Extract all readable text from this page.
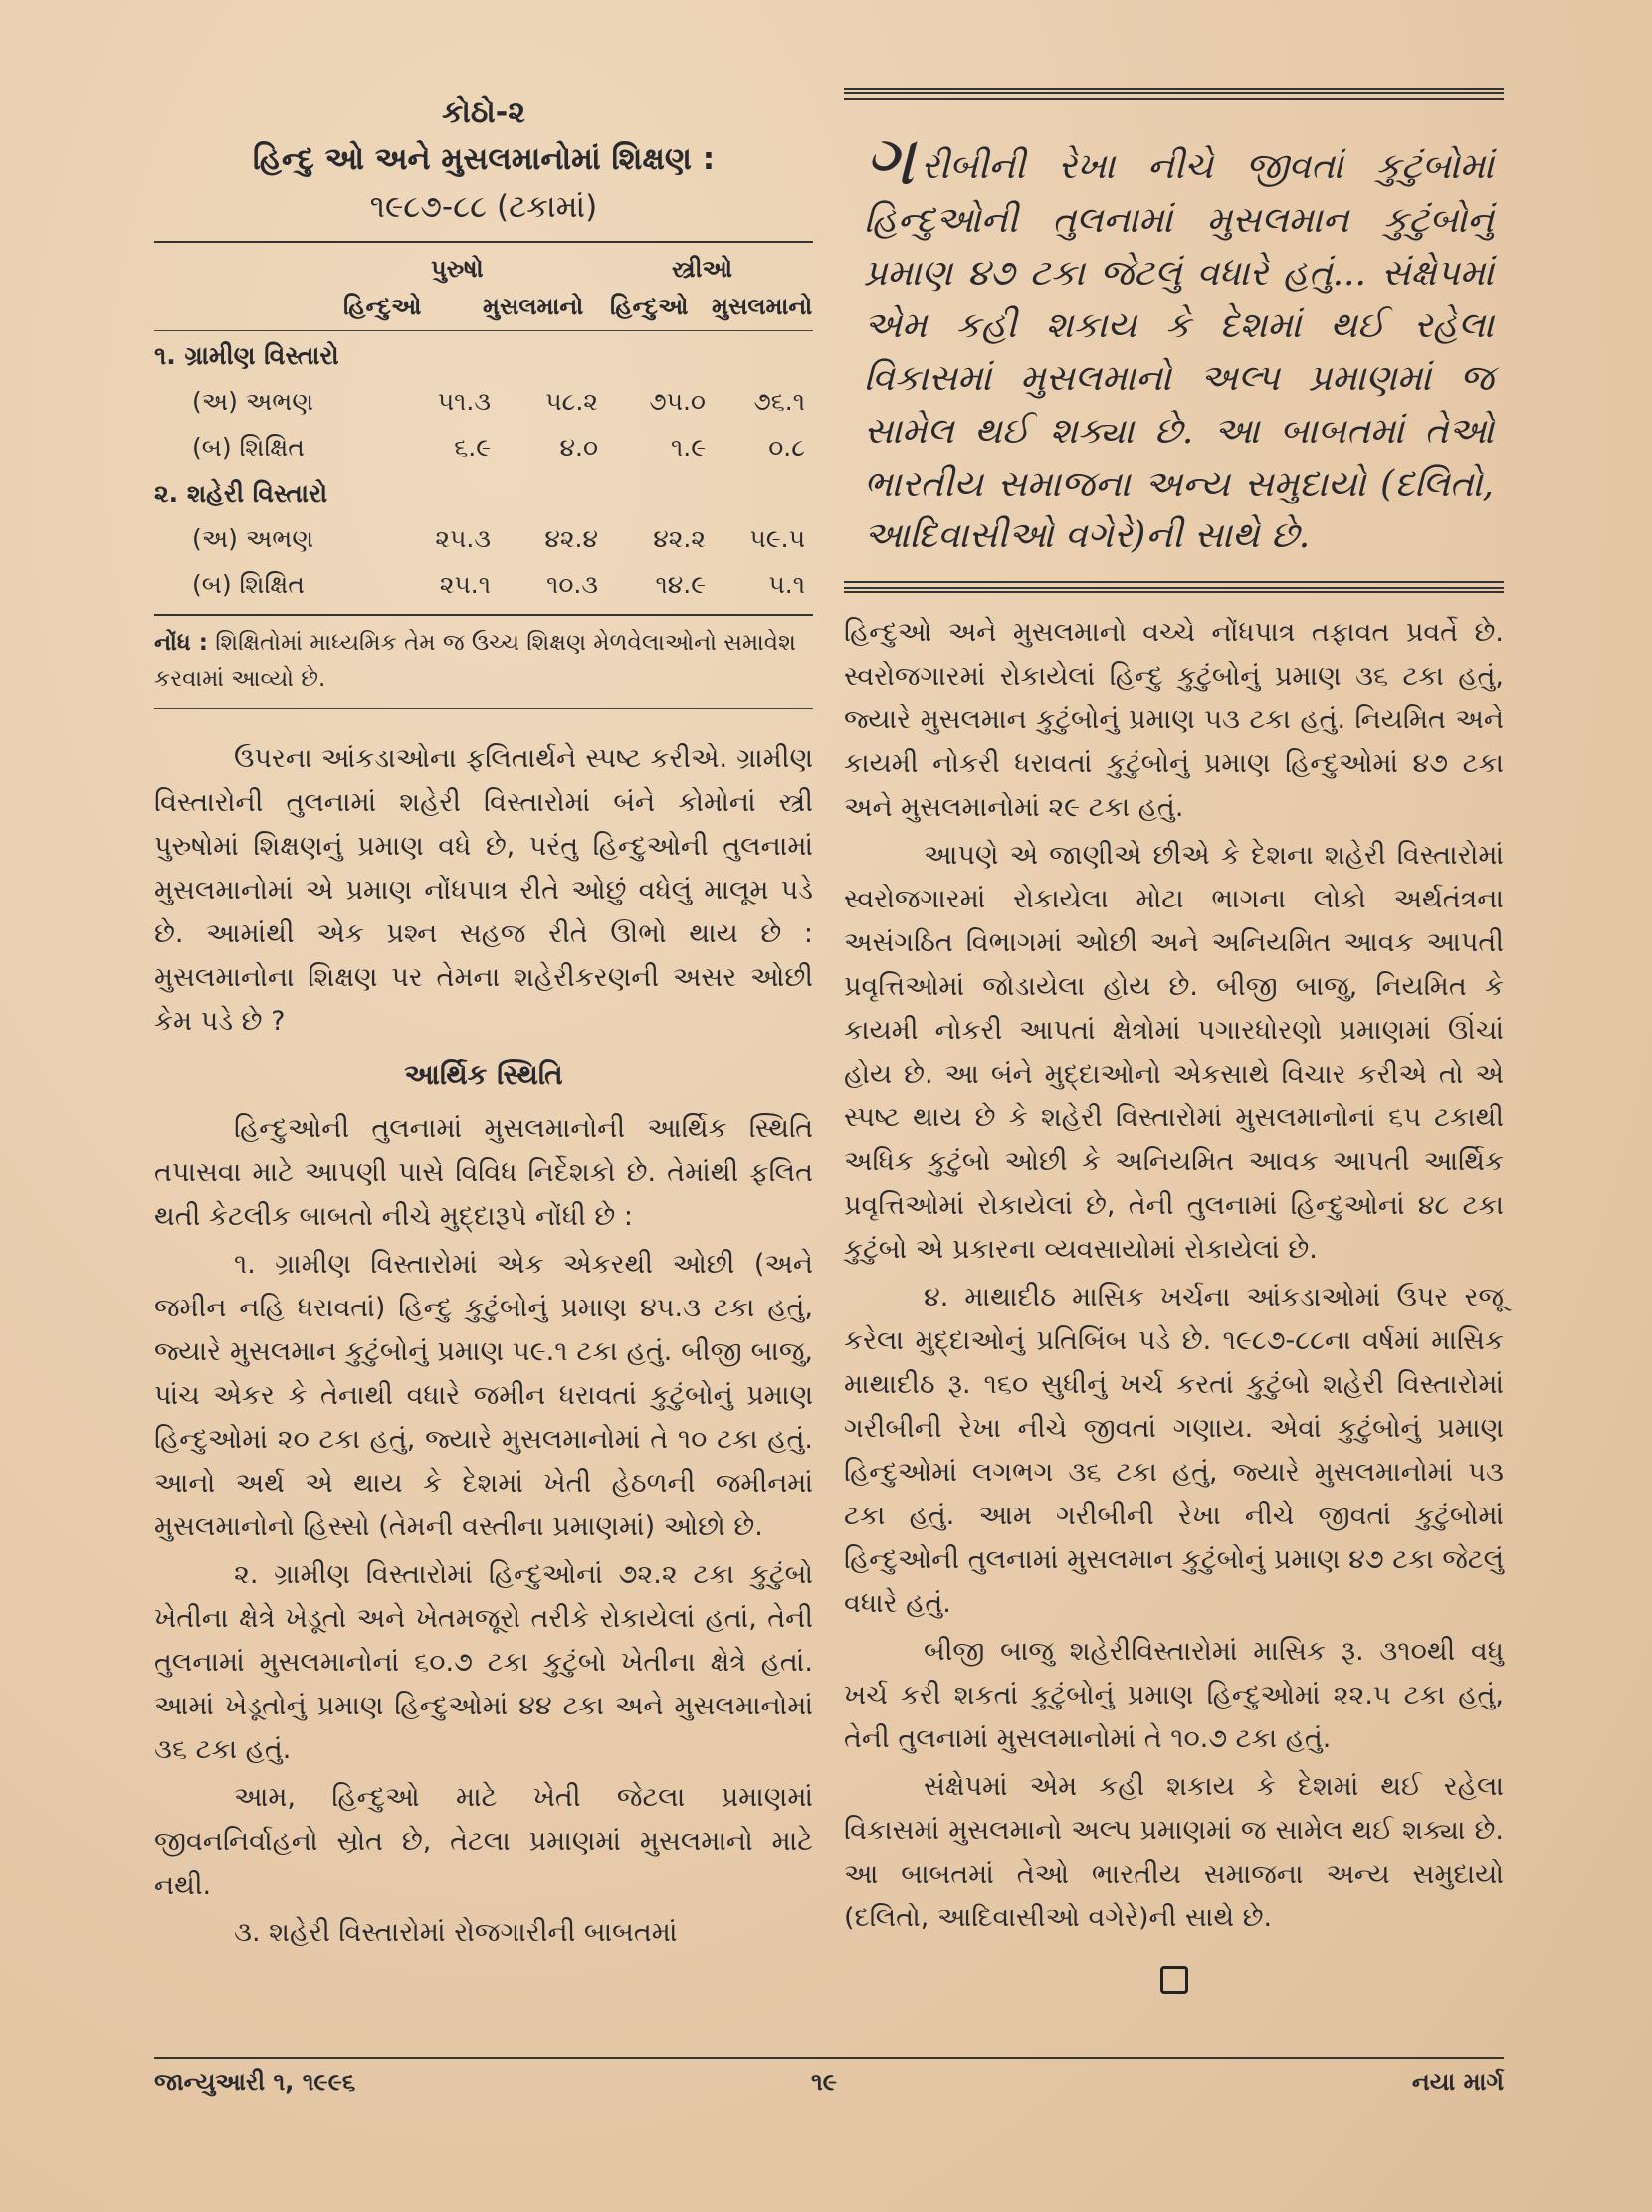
કોઠો-૨
હિન્દુ ઓ અને મુસલમાનોમાં શિક્ષણ :
૧૯૮૭-૮૮ (ટકામાં)
પુરુષો	સ્ત્રીઓ
હિન્દુઓ	મુસલમાનો હિન્દુઓ મુસલમાનો
૧. ગ્રામીણ વિસ્તારો
(અ) અભણ	૫૧.૩	૫૮.૨	૭૫.૦	૭૬.૧
(બ) શિક્ષિત	૬.૯	૪.૦	૧.૯	૦.૮
૨. શહેરી વિસ્તારો
(અ) અભણ	૨૫.૩	૪૨.૪	૪૨.૨	૫૯.૫
(બ) શિક્ષિત	૨૫.૧	૧૦.૩	૧૪.૯	૫.૧
નોંધ : શિક્ષિતોમાં માધ્યમિક તેમ જ ઉચ્ચ શિક્ષણ મેળવેલાઓનો સમાવેશ કરવામાં આવ્યો છે.

ઉપરના આંકડાઓના ફલિતાર્થને સ્પષ્ટ કરીએ. ગ્રામીણ વિસ્તારોની તુલનામાં શહેરી વિસ્તારોમાં બંને કોમોનાં સ્ત્રી પુરુષોમાં શિક્ષણનું પ્રમાણ વધે છે, પરંતુ હિન્દુઓની તુલનામાં મુસલમાનોમાં એ પ્રમાણ નોંધપાત્ર રીતે ઓછું વધેલું માલૂમ પડે છે. આમાંથી એક પ્રશ્ન સહજ રીતે ઊભો થાય છે : મુસલમાનોના શિક્ષણ પર તેમના શહેરીકરણની અસર ઓછી કેમ પડે છે ?

આર્થિક સ્થિતિ

હિન્દુઓની તુલનામાં મુસલમાનોની આર્થિક સ્થિતિ તપાસવા માટે આપણી પાસે વિવિધ નિર્દેશકો છે. તેમાંથી ફલિત થતી કેટલીક બાબતો નીચે મુદ્દારૂપે નોંધી છે :

૧. ગ્રામીણ વિસ્તારોમાં એક એકરથી ઓછી (અને જમીન નહિ ધરાવતાં) હિન્દુ કુટુંબોનું પ્રમાણ ૪૫.૩ ટકા હતું, જ્યારે મુસલમાન કુટુંબોનું પ્રમાણ ૫૯.૧ ટકા હતું. બીજી બાજુ, પાંચ એકર કે તેનાથી વધારે જમીન ધરાવતાં કુટુંબોનું પ્રમાણ હિન્દુઓમાં ૨૦ ટકા હતું, જ્યારે મુસલમાનોમાં તે ૧૦ ટકા હતું. આનો અર્થ એ થાય કે દેશમાં ખેતી હેઠળની જમીનમાં મુસલમાનોનો હિસ્સો (તેમની વસ્તીના પ્રમાણમાં) ઓછો છે.

૨. ગ્રામીણ વિસ્તારોમાં હિન્દુઓનાં ૭૨.૨ ટકા કુટુંબો ખેતીના ક્ષેત્રે ખેડૂતો અને ખેતમજૂરો તરીકે રોકાયેલાં હતાં, તેની તુલનામાં મુસલમાનોનાં ૬૦.૭ ટકા કુટુંબો ખેતીના ક્ષેત્રે હતાં. આમાં ખેડૂતોનું પ્રમાણ હિન્દુઓમાં ૪૪ ટકા અને મુસલમાનોમાં ૩૬ ટકા હતું.

આમ, હિન્દુઓ માટે ખેતી જેટલા પ્રમાણમાં જીવનનિર્વાહનો સ્રોત છે, તેટલા પ્રમાણમાં મુસલમાનો માટે નથી.

૩. શહેરી વિસ્તારોમાં રોજગારીની બાબતમાં

ગરીબીની રેખા નીચે જીવતાં કુટુંબોમાં હિન્દુઓની તુલનામાં મુસલમાન કુટુંબોનું પ્રમાણ ૪૭ ટકા જેટલું વધારે હતું... સંક્ષેપમાં એમ કહી શકાય કે દેશમાં થઈ રહેલા વિકાસમાં મુસલમાનો અલ્પ પ્રમાણમાં જ સામેલ થઈ શક્યા છે. આ બાબતમાં તેઓ ભારતીય સમાજના અન્ય સમુદાયો (દલિતો, આદિવાસીઓ વગેરે)ની સાથે છે.

હિન્દુઓ અને મુસલમાનો વચ્ચે નોંધપાત્ર તફાવત પ્રવર્તે છે. સ્વરોજગારમાં રોકાયેલાં હિન્દુ કુટુંબોનું પ્રમાણ ૩૬ ટકા હતું, જ્યારે મુસલમાન કુટુંબોનું પ્રમાણ ૫૩ ટકા હતું. નિયમિત અને કાયમી નોકરી ધરાવતાં કુટુંબોનું પ્રમાણ હિન્દુઓમાં ૪૭ ટકા અને મુસલમાનોમાં ૨૯ ટકા હતું.

આપણે એ જાણીએ છીએ કે દેશના શહેરી વિસ્તારોમાં સ્વરોજગારમાં રોકાયેલા મોટા ભાગના લોકો અર્થતંત્રના અસંગઠિત વિભાગમાં ઓછી અને અનિયમિત આવક આપતી પ્રવૃત્તિઓમાં જોડાયેલા હોય છે. બીજી બાજુ, નિયમિત કે કાયમી નોકરી આપતાં ક્ષેત્રોમાં પગારધોરણો પ્રમાણમાં ઊંચાં હોય છે. આ બંને મુદ્દાઓનો એકસાથે વિચાર કરીએ તો એ સ્પષ્ટ થાય છે કે શહેરી વિસ્તારોમાં મુસલમાનોનાં ૬૫ ટકાથી અધિક કુટુંબો ઓછી કે અનિયમિત આવક આપતી આર્થિક પ્રવૃત્તિઓમાં રોકાયેલાં છે, તેની તુલનામાં હિન્દુઓનાં ૪૮ ટકા કુટુંબો એ પ્રકારના વ્યવસાયોમાં રોકાયેલાં છે.

૪. માથાદીઠ માસિક ખર્ચના આંકડાઓમાં ઉપર રજૂ કરેલા મુદ્દાઓનું પ્રતિબિંબ પડે છે. ૧૯૮૭-૮૮ના વર્ષમાં માસિક માથાદીઠ રૂ. ૧૬૦ સુધીનું ખર્ચ કરતાં કુટુંબો શહેરી વિસ્તારોમાં ગરીબીની રેખા નીચે જીવતાં ગણાય. એવાં કુટુંબોનું પ્રમાણ હિન્દુઓમાં લગભગ ૩૬ ટકા હતું, જ્યારે મુસલમાનોમાં ૫૩ ટકા હતું. આમ ગરીબીની રેખા નીચે જીવતાં કુટુંબોમાં હિન્દુઓની તુલનામાં મુસલમાન કુટુંબોનું પ્રમાણ ૪૭ ટકા જેટલું વધારે હતું.

બીજી બાજુ શહેરીવિસ્તારોમાં માસિક રૂ. ૩૧૦થી વધુ ખર્ચ કરી શકતાં કુટુંબોનું પ્રમાણ હિન્દુઓમાં ૨૨.૫ ટકા હતું, તેની તુલનામાં મુસલમાનોમાં તે ૧૦.૭ ટકા હતું.

સંક્ષેપમાં એમ કહી શકાય કે દેશમાં થઈ રહેલા વિકાસમાં મુસલમાનો અલ્પ પ્રમાણમાં જ સામેલ થઈ શક્યા છે. આ બાબતમાં તેઓ ભારતીય સમાજના અન્ય સમુદાયો (દલિતો, આદિવાસીઓ વગેરે)ની સાથે છે.

જાન્યુઆરી ૧, ૧૯૯૬	૧૯	નયા માર્ગ
